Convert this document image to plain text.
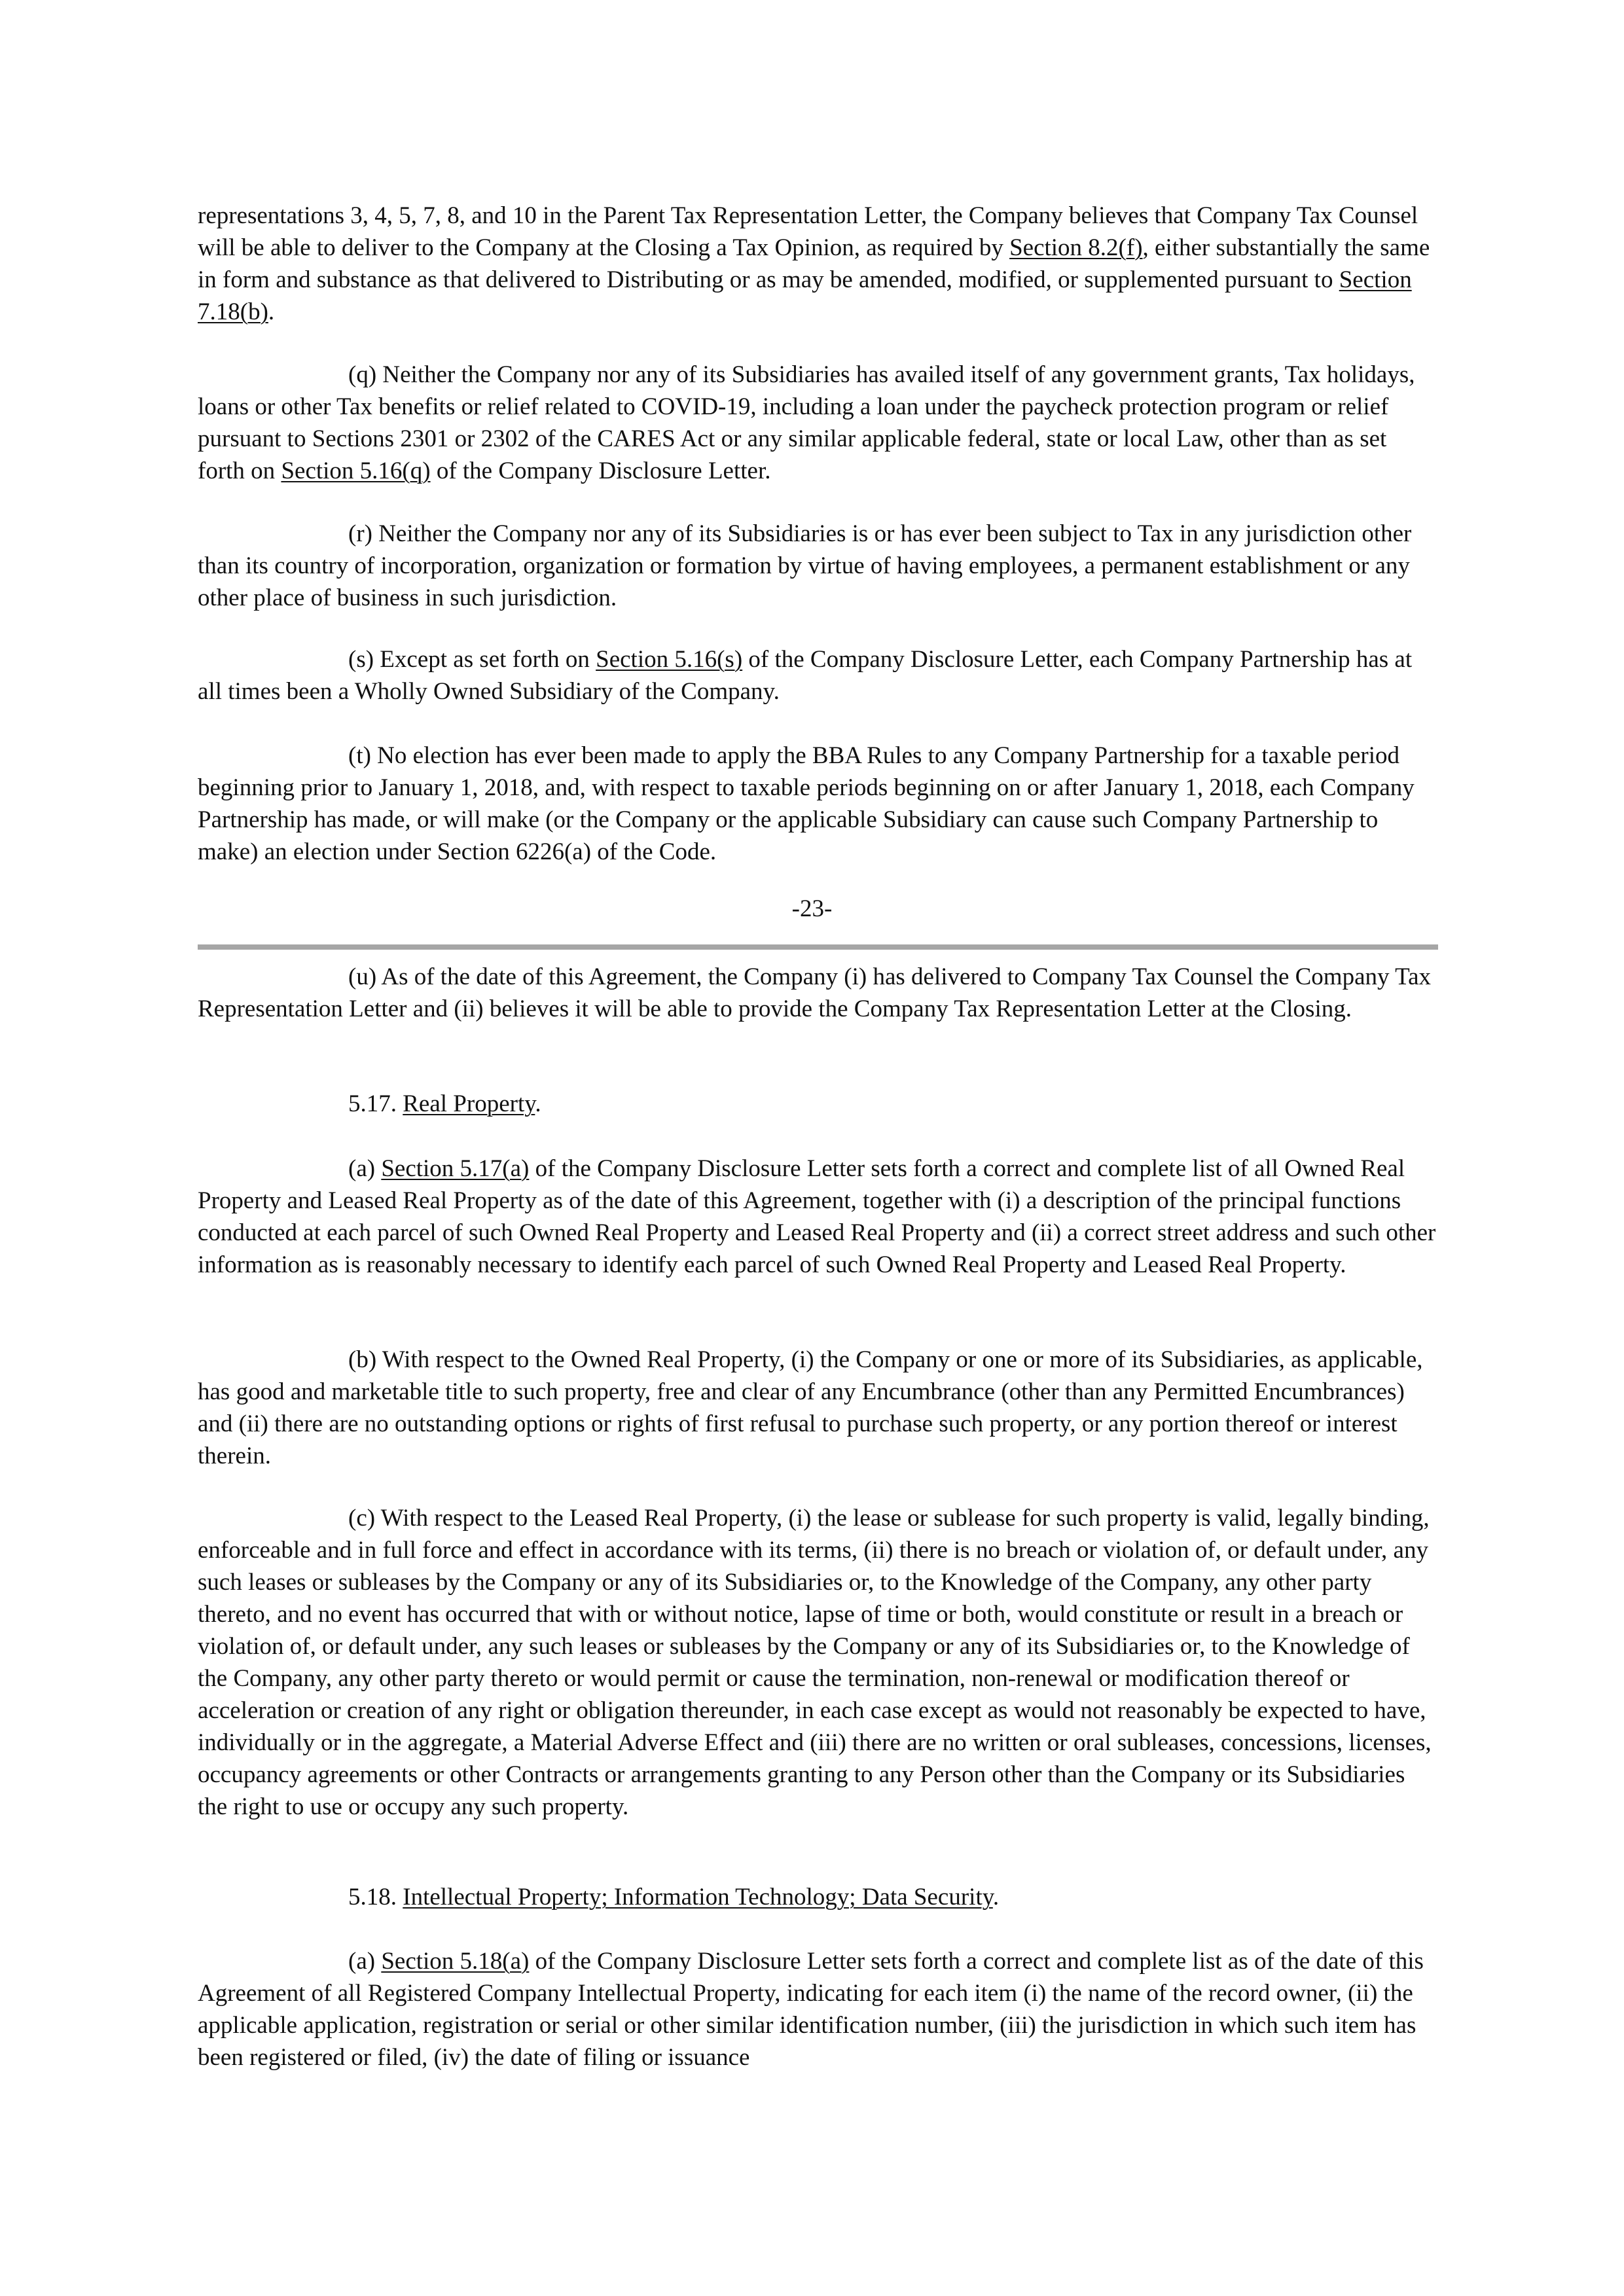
representations 3, 4, 5, 7, 8, and 10 in the Parent Tax Representation Letter, the Company believes that Company Tax Counsel will be able to deliver to the Company at the Closing a Tax Opinion, as required by Section 8.2(f), either substantially the same in form and substance as that delivered to Distributing or as may be amended, modified, or supplemented pursuant to Section 7.18(b).

(q) Neither the Company nor any of its Subsidiaries has availed itself of any government grants, Tax holidays, loans or other Tax benefits or relief related to COVID-19, including a loan under the paycheck protection program or relief pursuant to Sections 2301 or 2302 of the CARES Act or any similar applicable federal, state or local Law, other than as set forth on Section 5.16(q) of the Company Disclosure Letter.

(r) Neither the Company nor any of its Subsidiaries is or has ever been subject to Tax in any jurisdiction other than its country of incorporation, organization or formation by virtue of having employees, a permanent establishment or any other place of business in such jurisdiction.

(s) Except as set forth on Section 5.16(s) of the Company Disclosure Letter, each Company Partnership has at all times been a Wholly Owned Subsidiary of the Company.

(t) No election has ever been made to apply the BBA Rules to any Company Partnership for a taxable period beginning prior to January 1, 2018, and, with respect to taxable periods beginning on or after January 1, 2018, each Company Partnership has made, or will make (or the Company or the applicable Subsidiary can cause such Company Partnership to make) an election under Section 6226(a) of the Code.

-23-

(u) As of the date of this Agreement, the Company (i) has delivered to Company Tax Counsel the Company Tax Representation Letter and (ii) believes it will be able to provide the Company Tax Representation Letter at the Closing.

5.17. Real Property.

(a) Section 5.17(a) of the Company Disclosure Letter sets forth a correct and complete list of all Owned Real Property and Leased Real Property as of the date of this Agreement, together with (i) a description of the principal functions conducted at each parcel of such Owned Real Property and Leased Real Property and (ii) a correct street address and such other information as is reasonably necessary to identify each parcel of such Owned Real Property and Leased Real Property.

(b) With respect to the Owned Real Property, (i) the Company or one or more of its Subsidiaries, as applicable, has good and marketable title to such property, free and clear of any Encumbrance (other than any Permitted Encumbrances) and (ii) there are no outstanding options or rights of first refusal to purchase such property, or any portion thereof or interest therein.

(c) With respect to the Leased Real Property, (i) the lease or sublease for such property is valid, legally binding, enforceable and in full force and effect in accordance with its terms, (ii) there is no breach or violation of, or default under, any such leases or subleases by the Company or any of its Subsidiaries or, to the Knowledge of the Company, any other party thereto, and no event has occurred that with or without notice, lapse of time or both, would constitute or result in a breach or violation of, or default under, any such leases or subleases by the Company or any of its Subsidiaries or, to the Knowledge of the Company, any other party thereto or would permit or cause the termination, non-renewal or modification thereof or acceleration or creation of any right or obligation thereunder, in each case except as would not reasonably be expected to have, individually or in the aggregate, a Material Adverse Effect and (iii) there are no written or oral subleases, concessions, licenses, occupancy agreements or other Contracts or arrangements granting to any Person other than the Company or its Subsidiaries the right to use or occupy any such property.

5.18. Intellectual Property; Information Technology; Data Security.

(a) Section 5.18(a) of the Company Disclosure Letter sets forth a correct and complete list as of the date of this Agreement of all Registered Company Intellectual Property, indicating for each item (i) the name of the record owner, (ii) the applicable application, registration or serial or other similar identification number, (iii) the jurisdiction in which such item has been registered or filed, (iv) the date of filing or issuance
